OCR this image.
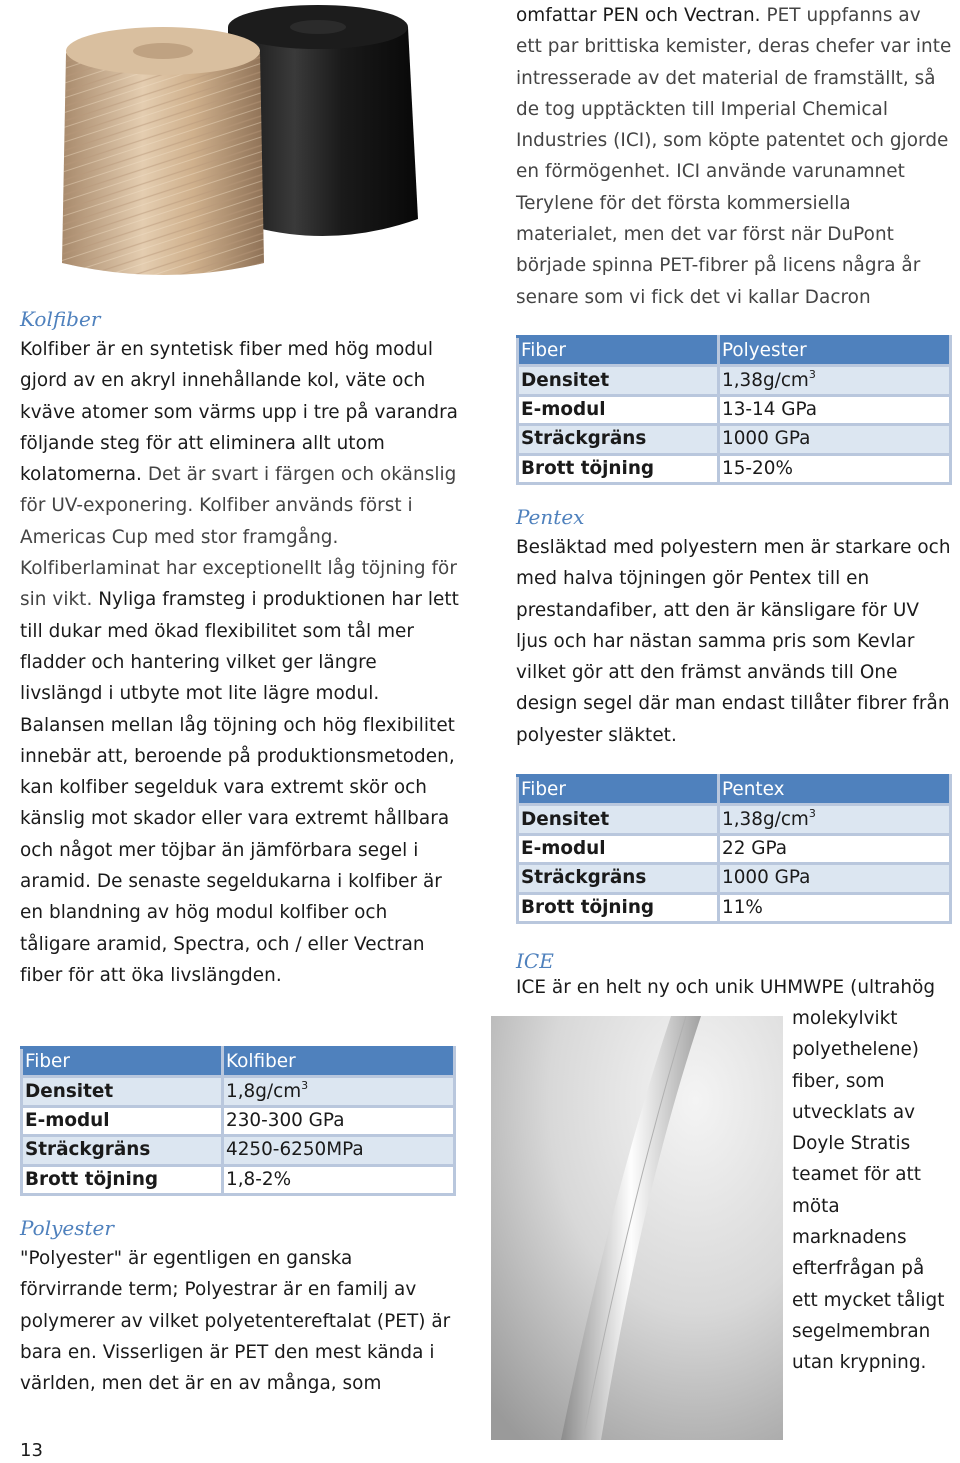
Kolfiber
Kolfiber är en syntetisk fiber med hög modul gjord av en akryl innehållande kol, väte och kväve atomer som värms upp i tre på varandra följande steg för att eliminera allt utom kolatomerna. Det är svart i färgen och okänslig för UV-exponering. Kolfiber används först i Americas Cup med stor framgång. Kolfiberlaminat har exceptionellt låg töjning för sin vikt. Nyliga framsteg i produktionen har lett till dukar med ökad flexibilitet som tål mer fladder och hantering vilket ger längre livslängd i utbyte mot lite lägre modul. Balansen mellan låg töjning och hög flexibilitet innebär att, beroende på produktionsmetoden, kan kolfiber segelduk vara extremt skör och känslig mot skador eller vara extremt hållbara och något mer töjbar än jämförbara segel i aramid. De senaste segeldukarna i kolfiber är en blandning av hög modul kolfiber och tåligare aramid, Spectra, och / eller Vectran fiber för att öka livslängden.
Fiber	Kolfiber
Densitet	$1,8g/cm^3$
E-modul	230-300 GPa
Sträckgräns	4250-6250MPa
Brott töjning	1,8-2%
Polyester
"Polyester" är egentligen en ganska förvirrande term; Polyestrar är en familj av polymerer av vilket polyetentereftalat (PET) är bara en. Visserligen är PET den mest kända i världen, men det är en av många, som
omfattar PEN och Vectran. PET uppfanns av ett par brittiska kemister, deras chefer var inte intresserade av det material de framställt, så de tog upptäckten till Imperial Chemical Industries (ICI), som köpte patentet och gjorde en förmögenhet. ICI använde varunamnet Terylene för det första kommersiella materialet, men det var först när DuPont började spinna PET-fibrer på licens några år senare som vi fick det vi kallar Dacron
Fiber	Polyester
Densitet	$1,38g/cm^3$
E-modul	13-14 GPa
Sträckgräns	1000 GPa
Brott töjning	15-20%
Pentex
Besläktad med polyestern men är starkare och med halva töjningen gör Pentex till en prestandafiber, att den är känsligare för UV ljus och har nästan samma pris som Kevlar vilket gör att den främst används till One design segel där man endast tillåter fibrer från polyester släktet.
Fiber	Pentex
Densitet	$1,38g/cm^3$
E-modul	22 GPa
Sträckgräns	1000 GPa
Brott töjning	11%
ICE
ICE är en helt ny och unik UHMWPE (ultrahög
molekylvikt polyethelene) fiber, som utvecklats av Doyle Stratis teamet för att möta marknadens efterfrågan på ett mycket tåligt segelmembran utan krypning.
13
